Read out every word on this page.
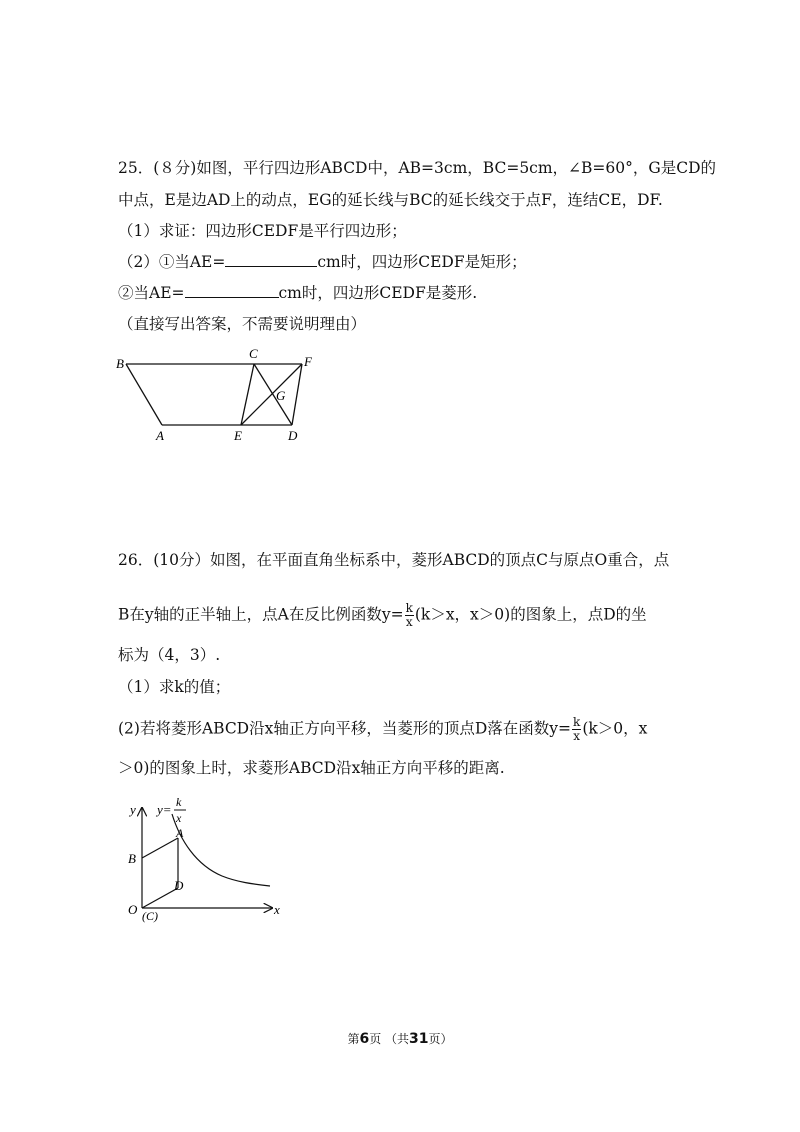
25．(８分)如图，平行四边形ABCD中，AB=3cm，BC=5cm，∠B=60°，G是CD的
中点，E是边AD上的动点，EG的延长线与BC的延长线交于点F，连结CE，DF.
（1）求证：四边形CEDF是平行四边形；
（2）①当AE=	cm时，四边形CEDF是矩形；
②当AE=	cm时，四边形CEDF是菱形.
（直接写出答案，不需要说明理由）
B
C
F
G
A	E	D
26．(10分）如图，在平面直角坐标系中，菱形ABCD的顶点C与原点O重合，点
B在y轴的正半轴上，点A在反比例函数$y= \frac{k}{x} (k>x$，x＞0)的图象上，点D的坐
标为（4，3）.
（1）求k的值；
(2)若将菱形ABCD沿x轴正方向平移，当菱形的顶点D落在函数$y= \frac{k}{x} (k>0$，x
＞0)的图象上时，求菱形ABCD沿x轴正方向平移的距离.
y
x
y= k
x
A
B
D
O (C)
第6页 （共31页）
